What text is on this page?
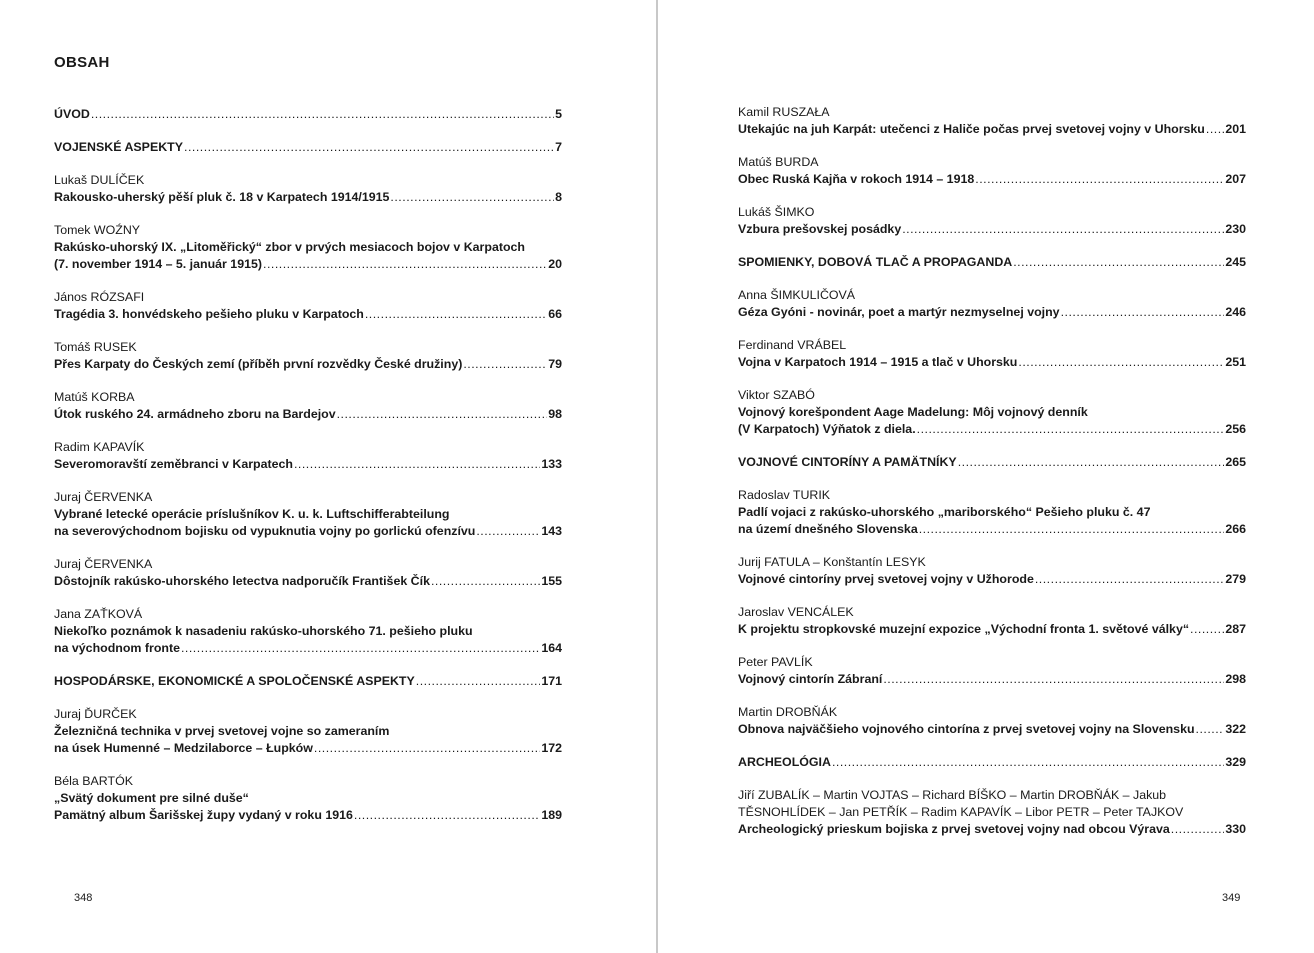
OBSAH
ÚVOD .....	5
VOJENSKÉ ASPEKTY .....	7
Lukaš DULÍČEK
Rakousko-uherský pěší pluk č. 18 v Karpatech 1914/1915 .....	8
Tomek WOŹNY
Rakúsko-uhorský IX. „Litoměřický“ zbor v prvých mesiacoch bojov v Karpatoch
(7. november 1914 – 5. január 1915) .....	20
János RÓZSAFI
Tragédia 3. honvédskeho pešieho pluku v Karpatoch .....	66
Tomáš RUSEK
Přes Karpaty do Českých zemí (příběh první rozvědky České družiny) .....	79
Matúš KORBA
Útok ruského 24. armádneho zboru na Bardejov .....	98
Radim KAPAVÍK
Severomoravští zeměbranci v Karpatech .....	133
Juraj ČERVENKA
Vybrané letecké operácie príslušníkov K. u. k. Luftschifferabteilung
na severovýchodnom bojisku od vypuknutia vojny po gorlickú ofenzívu .....	143
Juraj ČERVENKA
Dôstojník rakúsko-uhorského letectva nadporučík František Čík .....	155
Jana ZAŤKOVÁ
Niekoľko poznámok k nasadeniu rakúsko-uhorského 71. pešieho pluku
na východnom fronte .....	164
HOSPODÁRSKE, EKONOMICKÉ A SPOLOČENSKÉ ASPEKTY .....	171
Juraj ĎURČEK
Železničná technika v prvej svetovej vojne so zameraním
na úsek Humenné – Medzilaborce – Łupków .....	172
Béla BARTÓK
„Svätý dokument pre silné duše“
Pamätný album Šarišskej župy vydaný v roku 1916 .....	189
348
Kamil RUSZAŁA
Utekajúc na juh Karpát: utečenci z Haliče počas prvej svetovej vojny v Uhorsku ..... 201
Matúš BURDA
Obec Ruská Kajňa v rokoch 1914 – 1918 .....	207
Lukáš ŠIMKO
Vzbura prešovskej posádky .....	230
SPOMIENKY, DOBOVÁ TLAČ A PROPAGANDA .....	245
Anna ŠIMKULIČOVÁ
Géza Gyóni - novinár, poet a martýr nezmyselnej vojny .....	246
Ferdinand VRÁBEL
Vojna v Karpatoch 1914 – 1915 a tlač v Uhorsku .....	251
Viktor SZABÓ
Vojnový korešpondent Aage Madelung: Môj vojnový denník
(V Karpatoch) Výňatok z diela. .....	256
VOJNOVÉ CINTORÍNY A PAMÄTNÍKY .....	265
Radoslav TURIK
Padlí vojaci z rakúsko-uhorského „mariborského“ Pešieho pluku č. 47
na území dnešného Slovenska .....	266
Jurij FATULA – Konštantín LESYK
Vojnové cintoríny prvej svetovej vojny v Užhorode .....	279
Jaroslav VENCÁLEK
K projektu stropkovské muzejní expozice „Východní fronta 1. světové války“ .....	287
Peter PAVLÍK
Vojnový cintorín Zábraní .....	298
Martin DROBŇÁK
Obnova najväčšieho vojnového cintorína z prvej svetovej vojny na Slovensku ..... 322
ARCHEOLÓGIA .....	329
Jiří ZUBALÍK – Martin VOJTAS – Richard BÍŠKO – Martin DROBŇÁK – Jakub
TĚSNOHLÍDEK – Jan PETŘÍK – Radim KAPAVÍK – Libor PETR – Peter TAJKOV
Archeologický prieskum bojiska z prvej svetovej vojny nad obcou Výrava .....	330
349
